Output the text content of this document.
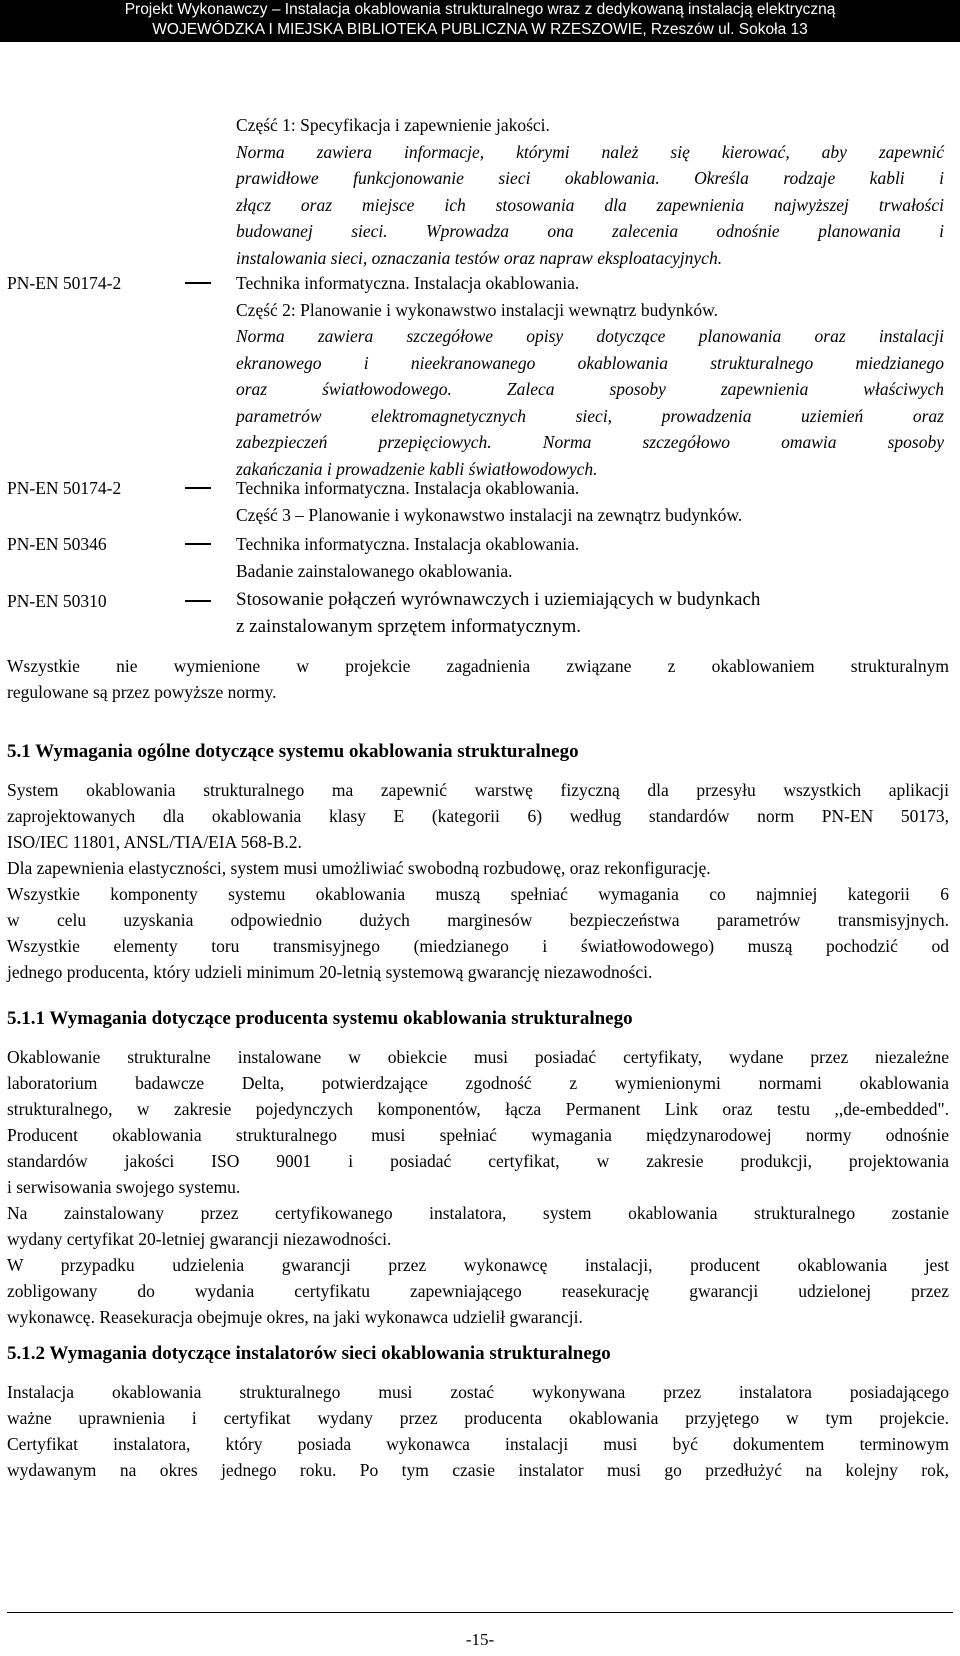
Projekt Wykonawczy – Instalacja okablowania strukturalnego wraz z dedykowaną instalacją elektryczną
WOJEWÓDZKA I MIEJSKA BIBLIOTEKA PUBLICZNA W RZESZOWIE, Rzeszów ul. Sokoła 13
Część 1: Specyfikacja i zapewnienie jakości.
Norma zawiera informacje, którymi należ się kierować, aby zapewnić
prawidłowe funkcjonowanie sieci okablowania. Określa rodzaje kabli i
złącz oraz miejsce ich stosowania dla zapewnienia najwyższej trwałości
budowanej sieci. Wprowadza ona zalecenia odnośnie planowania i
instalowania sieci, oznaczania testów oraz napraw eksploatacyjnych.
PN-EN 50174-2	Technika informatyczna. Instalacja okablowania.
Część 2: Planowanie i wykonawstwo instalacji wewnątrz budynków.
Norma zawiera szczegółowe opisy dotyczące planowania oraz instalacji
ekranowego i nieekranowanego okablowania strukturalnego miedzianego
oraz światłowodowego. Zaleca sposoby zapewnienia właściwych
parametrów elektromagnetycznych sieci, prowadzenia uziemień oraz
zabezpieczeń przepięciowych. Norma szczegółowo omawia sposoby
zakańczania i prowadzenie kabli światłowodowych.
PN-EN 50174-2	Technika informatyczna. Instalacja okablowania.
Część 3 – Planowanie i wykonawstwo instalacji na zewnątrz budynków.
PN-EN 50346	Technika informatyczna. Instalacja okablowania.
Badanie zainstalowanego okablowania.
PN-EN 50310	Stosowanie połączeń wyrównawczych i uziemiających w budynkach
z zainstalowanym sprzętem informatycznym.
Wszystkie nie wymienione w projekcie zagadnienia związane z okablowaniem strukturalnym
regulowane są przez powyższe normy.
5.1 Wymagania ogólne dotyczące systemu okablowania strukturalnego
System okablowania strukturalnego ma zapewnić warstwę fizyczną dla przesyłu wszystkich aplikacji
zaprojektowanych dla okablowania klasy E (kategorii 6) według standardów norm PN-EN 50173,
ISO/IEC 11801, ANSL/TIA/EIA 568-B.2.
Dla zapewnienia elastyczności, system musi umożliwiać swobodną rozbudowę, oraz rekonfigurację.
Wszystkie komponenty systemu okablowania muszą spełniać wymagania co najmniej kategorii 6
w celu uzyskania odpowiednio dużych marginesów bezpieczeństwa parametrów transmisyjnych.
Wszystkie elementy toru transmisyjnego (miedzianego i światłowodowego) muszą pochodzić od
jednego producenta, który udzieli minimum 20-letnią systemową gwarancję niezawodności.
5.1.1 Wymagania dotyczące producenta systemu okablowania strukturalnego
Okablowanie strukturalne instalowane w obiekcie musi posiadać certyfikaty, wydane przez niezależne
laboratorium badawcze Delta, potwierdzające zgodność z wymienionymi normami okablowania
strukturalnego, w zakresie pojedynczych komponentów, łącza Permanent Link oraz testu ,,de-embedded".
Producent okablowania strukturalnego musi spełniać wymagania międzynarodowej normy odnośnie
standardów jakości ISO 9001 i posiadać certyfikat, w zakresie produkcji, projektowania
i serwisowania swojego systemu.
Na zainstalowany przez certyfikowanego instalatora, system okablowania strukturalnego zostanie
wydany certyfikat 20-letniej gwarancji niezawodności.
W przypadku udzielenia gwarancji przez wykonawcę instalacji, producent okablowania jest
zobligowany do wydania certyfikatu zapewniającego reasekurację gwarancji udzielonej przez
wykonawcę. Reasekuracja obejmuje okres, na jaki wykonawca udzielił gwarancji.
5.1.2 Wymagania dotyczące instalatorów sieci okablowania strukturalnego
Instalacja okablowania strukturalnego musi zostać wykonywana przez instalatora posiadającego
ważne uprawnienia i certyfikat wydany przez producenta okablowania przyjętego w tym projekcie.
Certyfikat instalatora, który posiada wykonawca instalacji musi być dokumentem terminowym
wydawanym na okres jednego roku. Po tym czasie instalator musi go przedłużyć na kolejny rok,
-15-
